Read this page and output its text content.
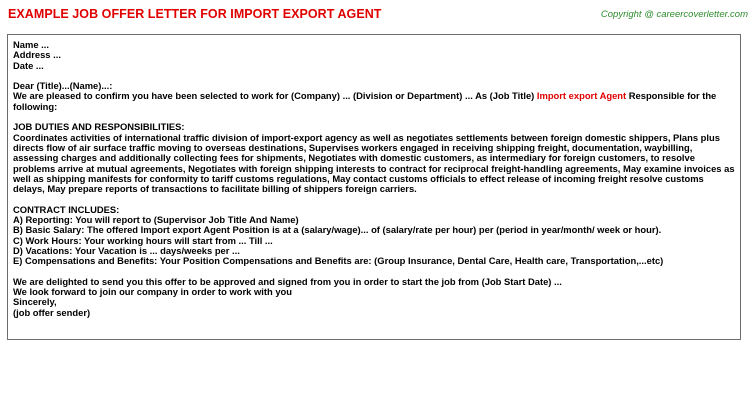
EXAMPLE JOB OFFER LETTER FOR IMPORT EXPORT AGENT	Copyright @ careercoverletter.com
Name ...
Address ...
Date ...
Dear (Title)...(Name)...:
We are pleased to confirm you have been selected to work for (Company) ... (Division or Department) ... As (Job Title) Import export Agent Responsible for the following:
JOB DUTIES AND RESPONSIBILITIES:
Coordinates activities of international traffic division of import-export agency as well as negotiates settlements between foreign domestic shippers, Plans plus directs flow of air surface traffic moving to overseas destinations, Supervises workers engaged in receiving shipping freight, documentation, waybilling, assessing charges and additionally collecting fees for shipments, Negotiates with domestic customers, as intermediary for foreign customers, to resolve problems arrive at mutual agreements, Negotiates with foreign shipping interests to contract for reciprocal freight-handling agreements, May examine invoices as well as shipping manifests for conformity to tariff customs regulations, May contact customs officials to effect release of incoming freight resolve customs delays, May prepare reports of transactions to facilitate billing of shippers foreign carriers.
CONTRACT INCLUDES:
A) Reporting: You will report to (Supervisor Job Title And Name)
B) Basic Salary: The offered Import export Agent Position is at a (salary/wage)... of (salary/rate per hour) per (period in year/month/ week or hour).
C) Work Hours: Your working hours will start from ... Till ...
D) Vacations: Your Vacation is ... days/weeks per ...
E) Compensations and Benefits: Your Position Compensations and Benefits are: (Group Insurance, Dental Care, Health care, Transportation,...etc)
We are delighted to send you this offer to be approved and signed from you in order to start the job from (Job Start Date) ...
We look forward to join our company in order to work with you
Sincerely,
(job offer sender)
